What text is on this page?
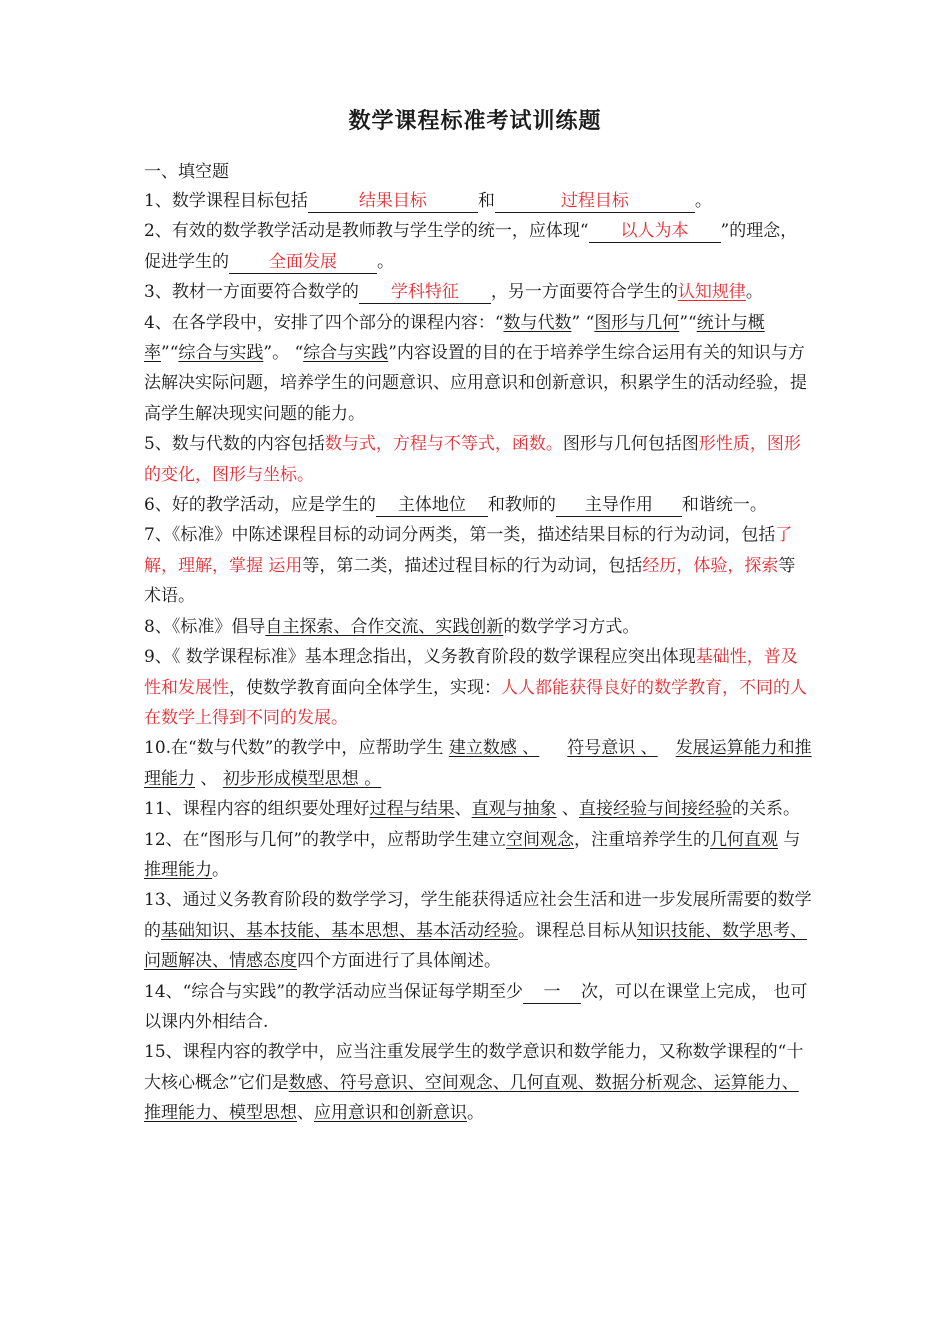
数学课程标准考试训练题
一、填空题

1、数学课程目标包括	结果目标	和	过程目标	。

2、有效的数学教学活动是教师教与学生学的统一，应体现“ 以人为本 ”的理念，促进学生的 全面发展 。

3、教材一方面要符合数学的 学科特征 ，另一方面要符合学生的认知规律。

4、在各学段中，安排了四个部分的课程内容：“数与代数” “图形与几何”“统计与概率”“综合与实践”。 “综合与实践”内容设置的目的在于培养学生综合运用有关的知识与方法解决实际问题，培养学生的问题意识、应用意识和创新意识，积累学生的活动经验，提高学生解决现实问题的能力。

5、数与代数的内容包括数与式，方程与不等式，函数。图形与几何包括图形性质，图形的变化，图形与坐标。

6、好的教学活动，应是学生的 主体地位 和教师的 主导作用 和谐统一。

7、《标准》中陈述课程目标的动词分两类，第一类，描述结果目标的行为动词，包括了解，理解，掌握 运用等，第二类，描述过程目标的行为动词，包括经历，体验，探索等术语。

8、《标准》倡导自主探索、合作交流、实践创新的数学学习方式。

9、《 数学课程标准》基本理念指出，义务教育阶段的数学课程应突出体现基础性，普及性和发展性，使数学教育面向全体学生，实现：人人都能获得良好的数学教育，不同的人在数学上得到不同的发展。

10.在“数与代数”的教学中，应帮助学生 建立数感 、 符号意识 、 发展运算能力和推理能力 、 初步形成模型思想 。

11、课程内容的组织要处理好过程与结果、直观与抽象 、直接经验与间接经验的关系。

12、在“图形与几何”的教学中，应帮助学生建立空间观念，注重培养学生的几何直观 与推理能力。

13、通过义务教育阶段的数学学习，学生能获得适应社会生活和进一步发展所需要的数学的基础知识、基本技能、基本思想、基本活动经验。课程总目标从知识技能、数学思考、问题解决、情感态度四个方面进行了具体阐述。

14、“综合与实践”的教学活动应当保证每学期至少 一 次，可以在课堂上完成， 也可以课内外相结合.

15、课程内容的教学中，应当注重发展学生的数学意识和数学能力，又称数学课程的“十大核心概念”它们是数感、符号意识、空间观念、几何直观、数据分析观念、运算能力、推理能力、模型思想、应用意识和创新意识。
